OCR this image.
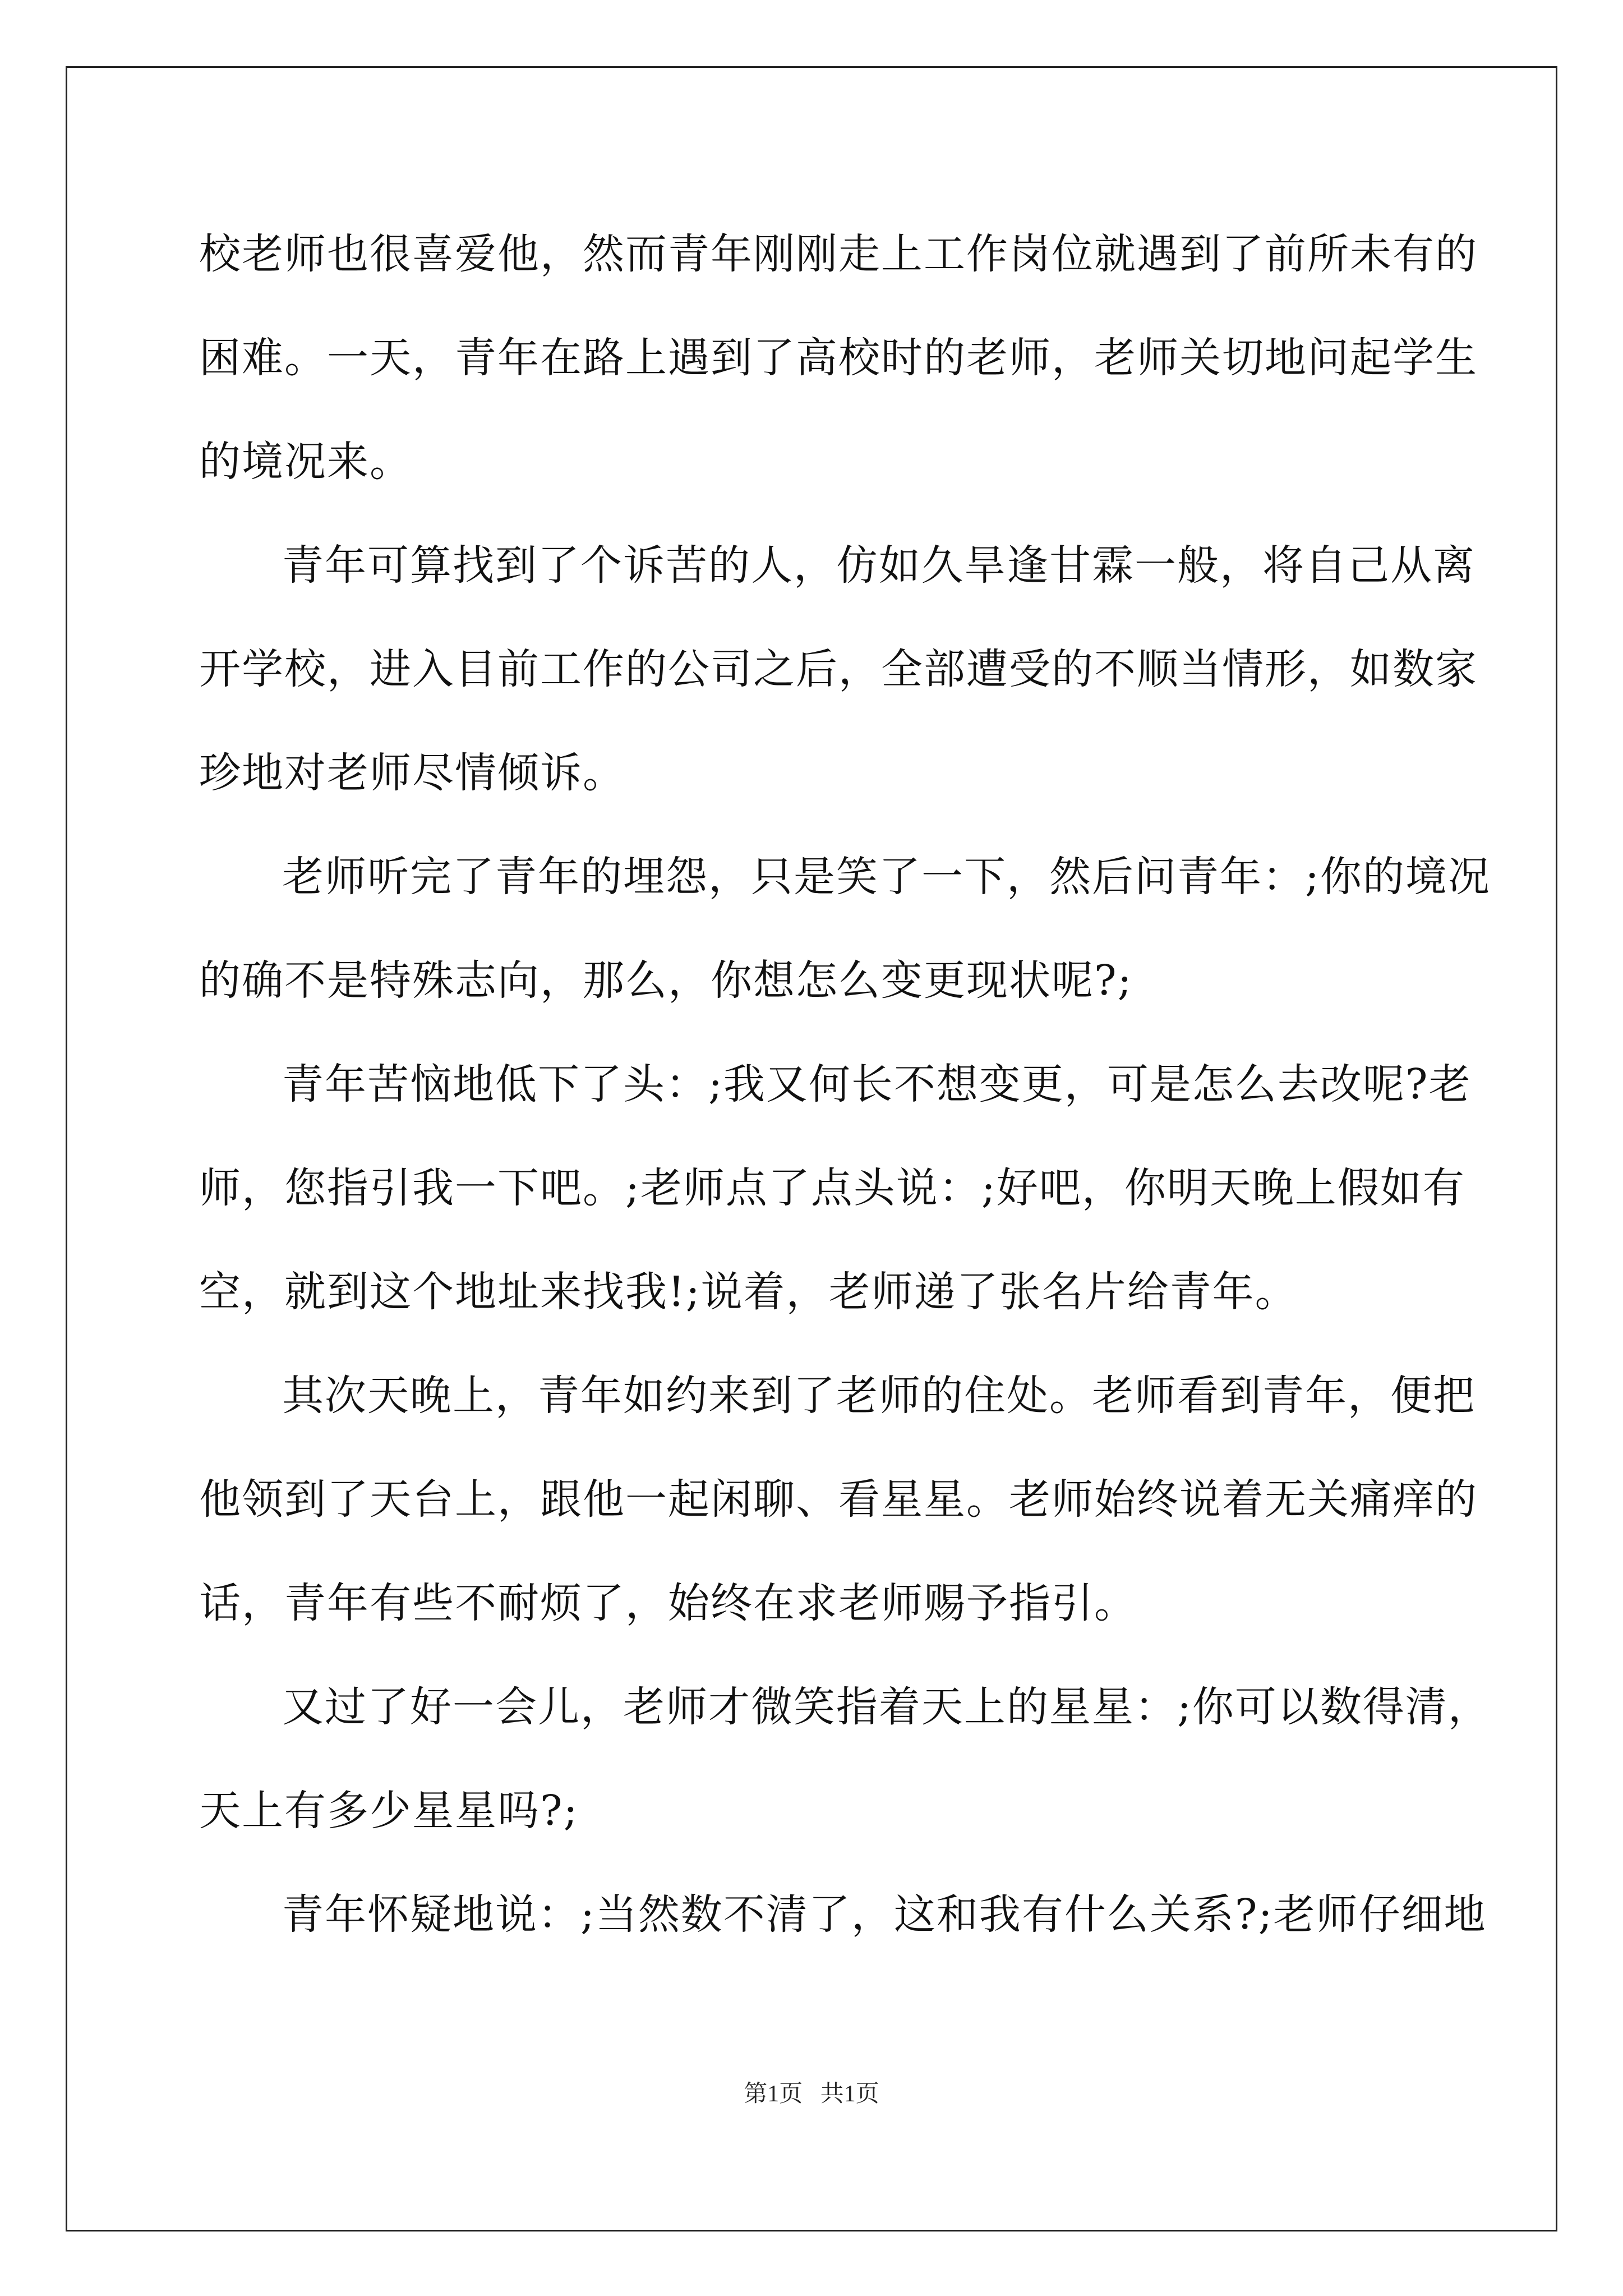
校老师也很喜爱他，然而青年刚刚走上工作岗位就遇到了前所未有的
困难。一天，青年在路上遇到了高校时的老师，老师关切地问起学生
的境况来。
青年可算找到了个诉苦的人，仿如久旱逢甘霖一般，将自己从离
开学校，进入目前工作的公司之后，全部遭受的不顺当情形，如数家
珍地对老师尽情倾诉。
老师听完了青年的埋怨，只是笑了一下，然后问青年：;你的境况
的确不是特殊志向，那么，你想怎么变更现状呢?;
青年苦恼地低下了头：;我又何长不想变更，可是怎么去改呢?老
师，您指引我一下吧。;老师点了点头说：;好吧，你明天晚上假如有
空，就到这个地址来找我!;说着，老师递了张名片给青年。
其次天晚上，青年如约来到了老师的住处。老师看到青年，便把
他领到了天台上，跟他一起闲聊、看星星。老师始终说着无关痛痒的
话，青年有些不耐烦了，始终在求老师赐予指引。
又过了好一会儿，老师才微笑指着天上的星星：;你可以数得清，
天上有多少星星吗?;
青年怀疑地说：;当然数不清了，这和我有什么关系?;老师仔细地
第1页   共1页
